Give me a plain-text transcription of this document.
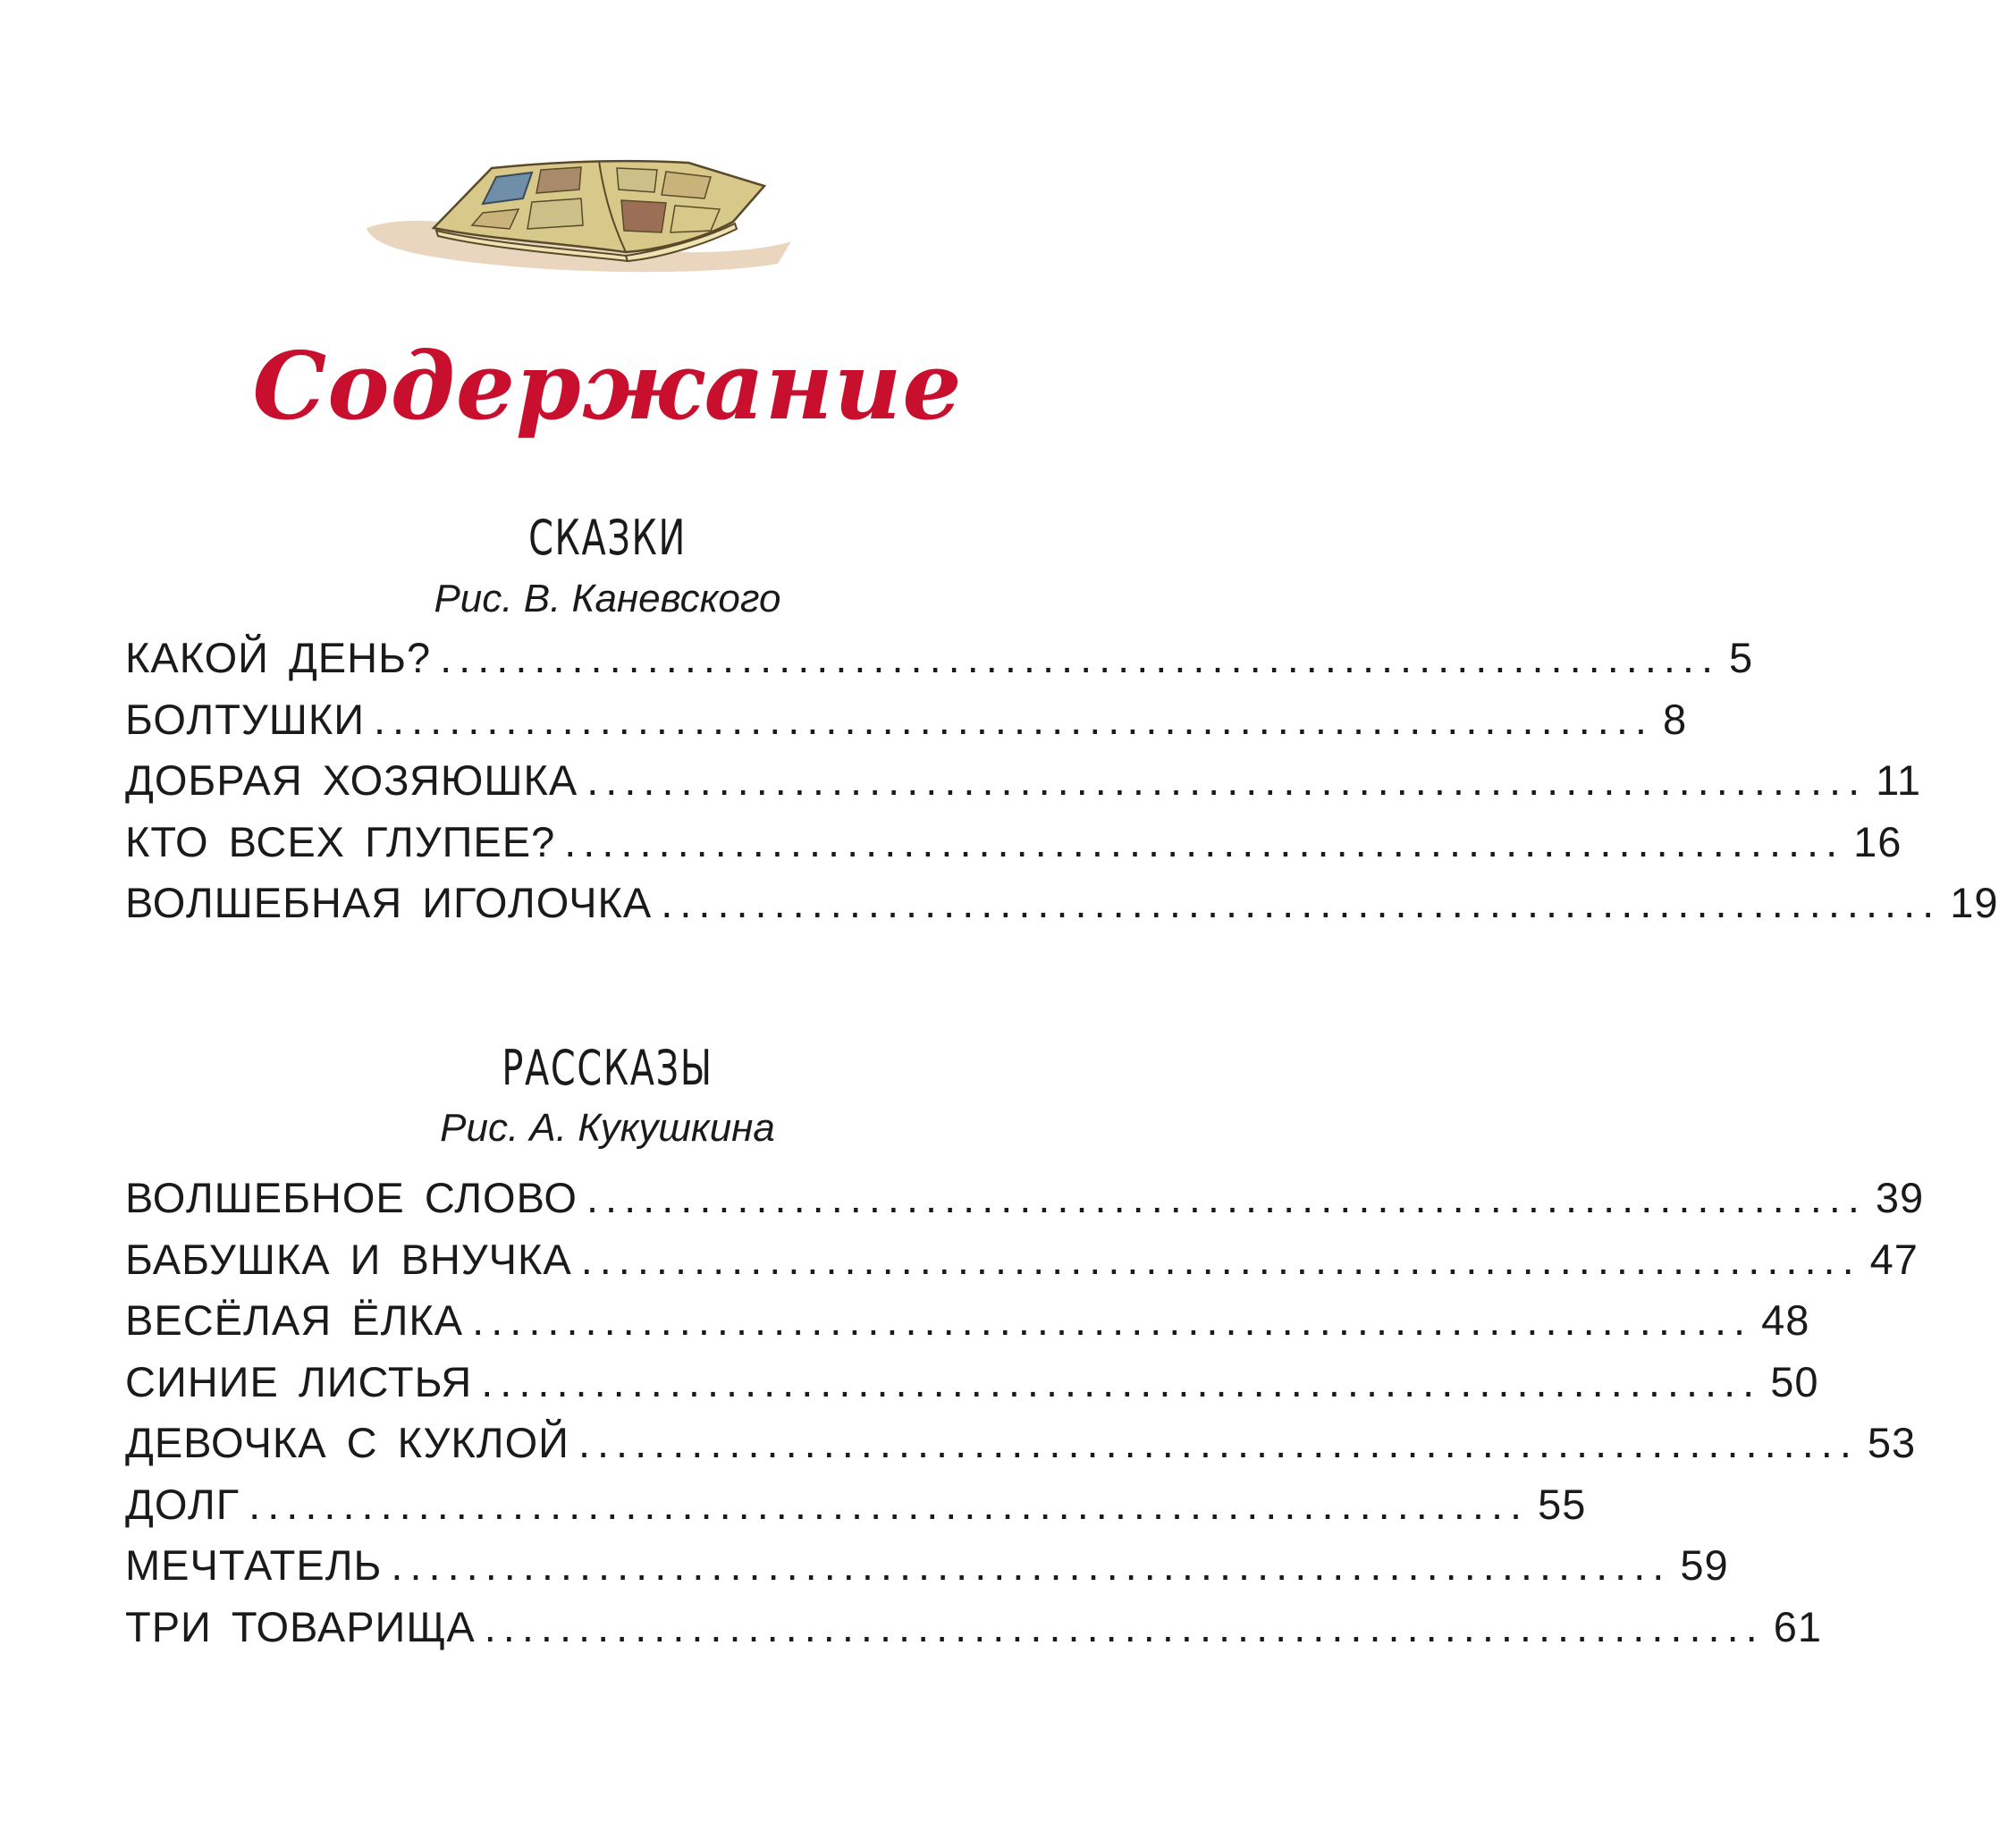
Содержание
СКАЗКИ
Рис. В. Каневского
КАКОЙ ДЕНЬ? .................................................................... 5
БОЛТУШКИ .................................................................... 8
ДОБРАЯ ХОЗЯЮШКА .................................................................... 11
КТО ВСЕХ ГЛУПЕЕ? .................................................................... 16
ВОЛШЕБНАЯ ИГОЛОЧКА .................................................................... 19
РАССКАЗЫ
Рис. А. Кукушкина
ВОЛШЕБНОЕ СЛОВО .................................................................... 39
БАБУШКА И ВНУЧКА .................................................................... 47
ВЕСЁЛАЯ ЁЛКА .................................................................... 48
СИНИЕ ЛИСТЬЯ .................................................................... 50
ДЕВОЧКА С КУКЛОЙ .................................................................... 53
ДОЛГ .................................................................... 55
МЕЧТАТЕЛЬ .................................................................... 59
ТРИ ТОВАРИЩА .................................................................... 61
